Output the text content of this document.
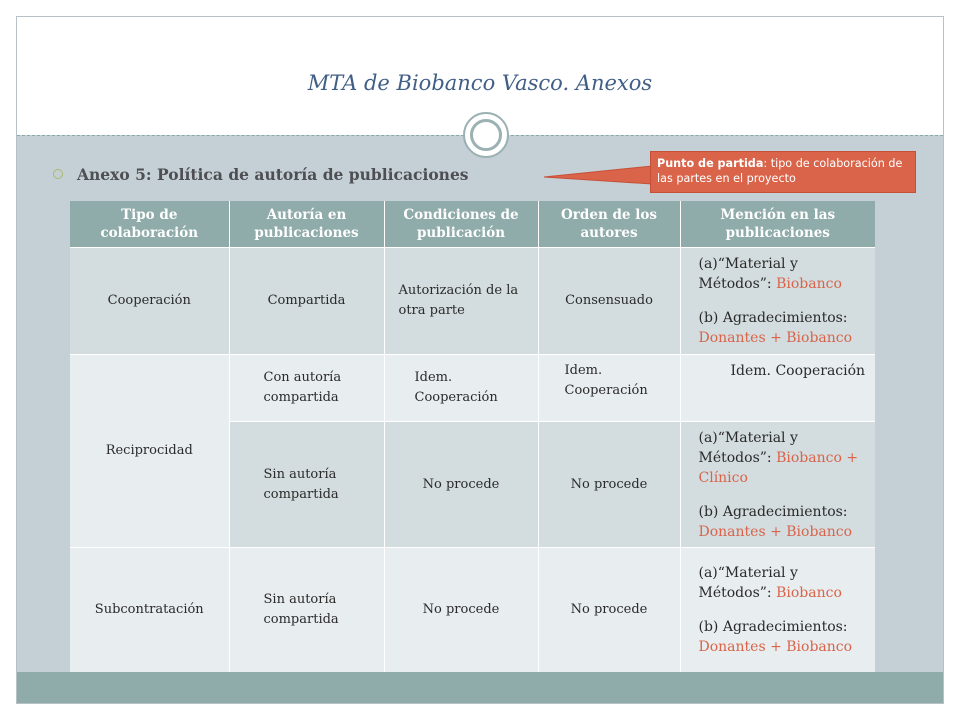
MTA de Biobanco Vasco. Anexos
Anexo 5: Política de autoría de publicaciones
Punto de partida: tipo de colaboración de las partes en el proyecto
Tipo de colaboración	Autoría en publicaciones	Condiciones de publicación	Orden de los autores	Mención en las publicaciones
Cooperación	Compartida	Autorización de la otra parte	Consensuado	(a)“Material y Métodos”: Biobanco
(b) Agradecimientos: Donantes + Biobanco

Reciprocidad	Con autoría compartida	Idem. Cooperación	Idem. Cooperación	Idem. Cooperación
	Sin autoría compartida	No procede	No procede	(a)“Material y Métodos”: Biobanco + Clínico
(b) Agradecimientos: Donantes + Biobanco

Subcontratación	Sin autoría compartida	No procede	No procede	(a)“Material y Métodos”: Biobanco
(b) Agradecimientos: Donantes + Biobanco
